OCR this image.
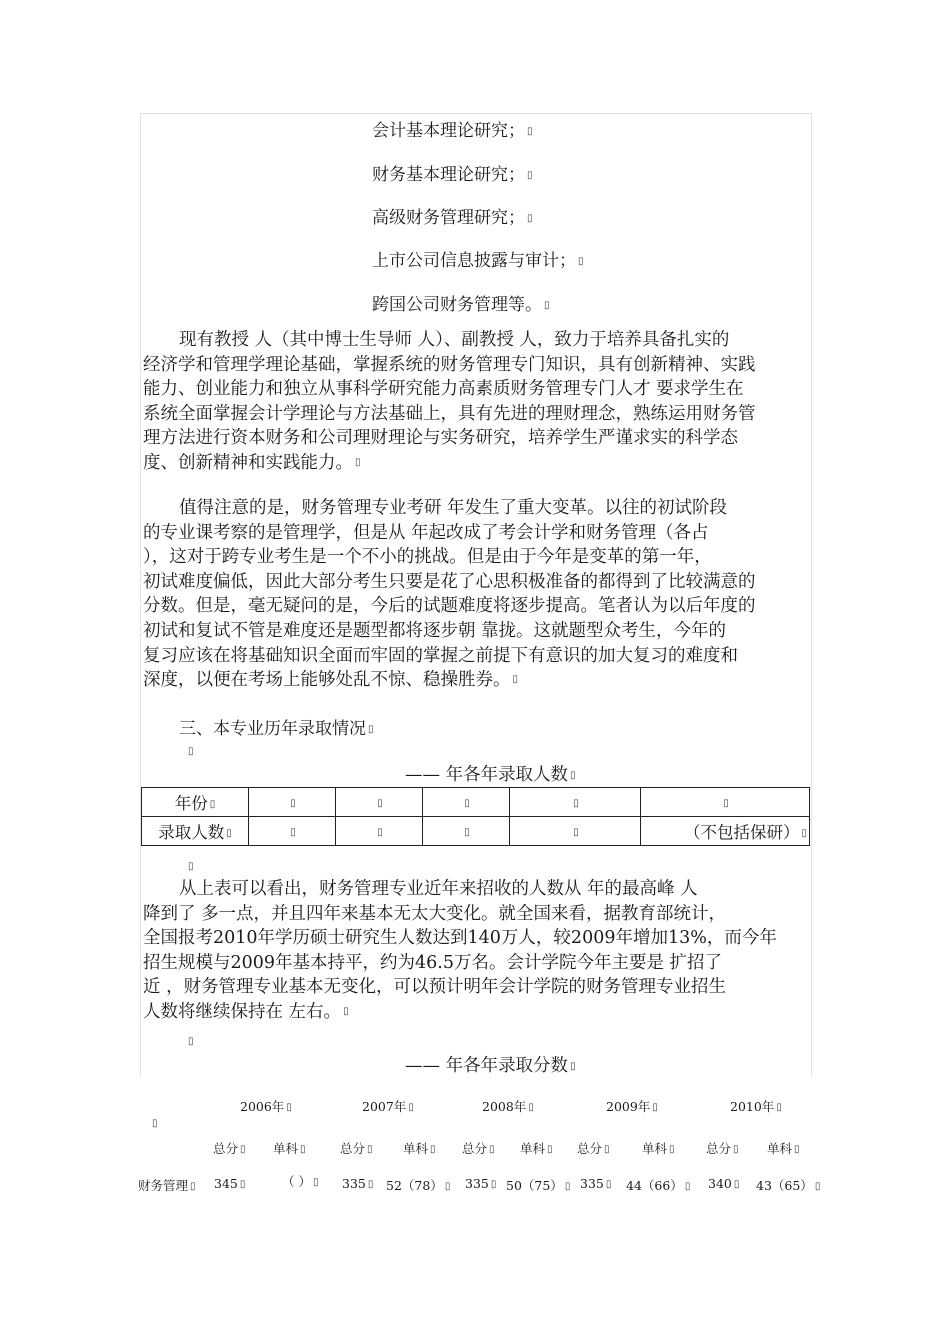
会计基本理论研究； ▯
财务基本理论研究； ▯
高级财务管理研究； ▯
上市公司信息披露与审计； ▯
跨国公司财务管理等。 ▯
现有教授 人（其中博士生导师 人）、副教授 人，致力于培养具备扎实的
经济学和管理学理论基础，掌握系统的财务管理专门知识，具有创新精神、实践
能力、创业能力和独立从事科学研究能力高素质财务管理专门人才 要求学生在
系统全面掌握会计学理论与方法基础上，具有先进的理财理念，熟练运用财务管
理方法进行资本财务和公司理财理论与实务研究，培养学生严谨求实的科学态
度、创新精神和实践能力。 ▯
值得注意的是，财务管理专业考研 年发生了重大变革。以往的初试阶段
的专业课考察的是管理学，但是从 年起改成了考会计学和财务管理（各占
），这对于跨专业考生是一个不小的挑战。但是由于今年是变革的第一年，
初试难度偏低，因此大部分考生只要是花了心思积极准备的都得到了比较满意的
分数。但是，毫无疑问的是，今后的试题难度将逐步提高。笔者认为以后年度的
初试和复试不管是难度还是题型都将逐步朝 靠拢。这就题型众考生，今年的
复习应该在将基础知识全面而牢固的掌握之前提下有意识的加大复习的难度和
深度，以便在考场上能够处乱不惊、稳操胜券。 ▯
三、本专业历年录取情况 ▯
▯
—— 年各年录取人数 ▯
年份 ▯	▯	▯	▯	▯	▯
录取人数 ▯	▯	▯	▯	▯	（不包括保研） ▯
▯
从上表可以看出，财务管理专业近年来招收的人数从 年的最高峰 人
降到了 多一点，并且四年来基本无太大变化。就全国来看，据教育部统计，
全国报考2010年学历硕士研究生人数达到140万人，较2009年增加13%，而今年
招生规模与2009年基本持平，约为46.5万名。会计学院今年主要是 扩招了
近 ，财务管理专业基本无变化，可以预计明年会计学院的财务管理专业招生
人数将继续保持在 左右。 ▯
▯
—— 年各年录取分数 ▯
2006年 ▯	2007年 ▯	2008年 ▯	2009年 ▯	2010年 ▯
▯
总分 ▯ 单科 ▯	总分 ▯ 单科 ▯ 总分 ▯ 单科 ▯ 总分 ▯	单科 ▯	总分 ▯ 单科 ▯
财务管理 ▯ 345 ▯	（ ） ▯ 335 ▯ 52（78） ▯ 335 ▯ 50（75） ▯ 335 ▯ 44（66） ▯ 340 ▯ 43（65） ▯
